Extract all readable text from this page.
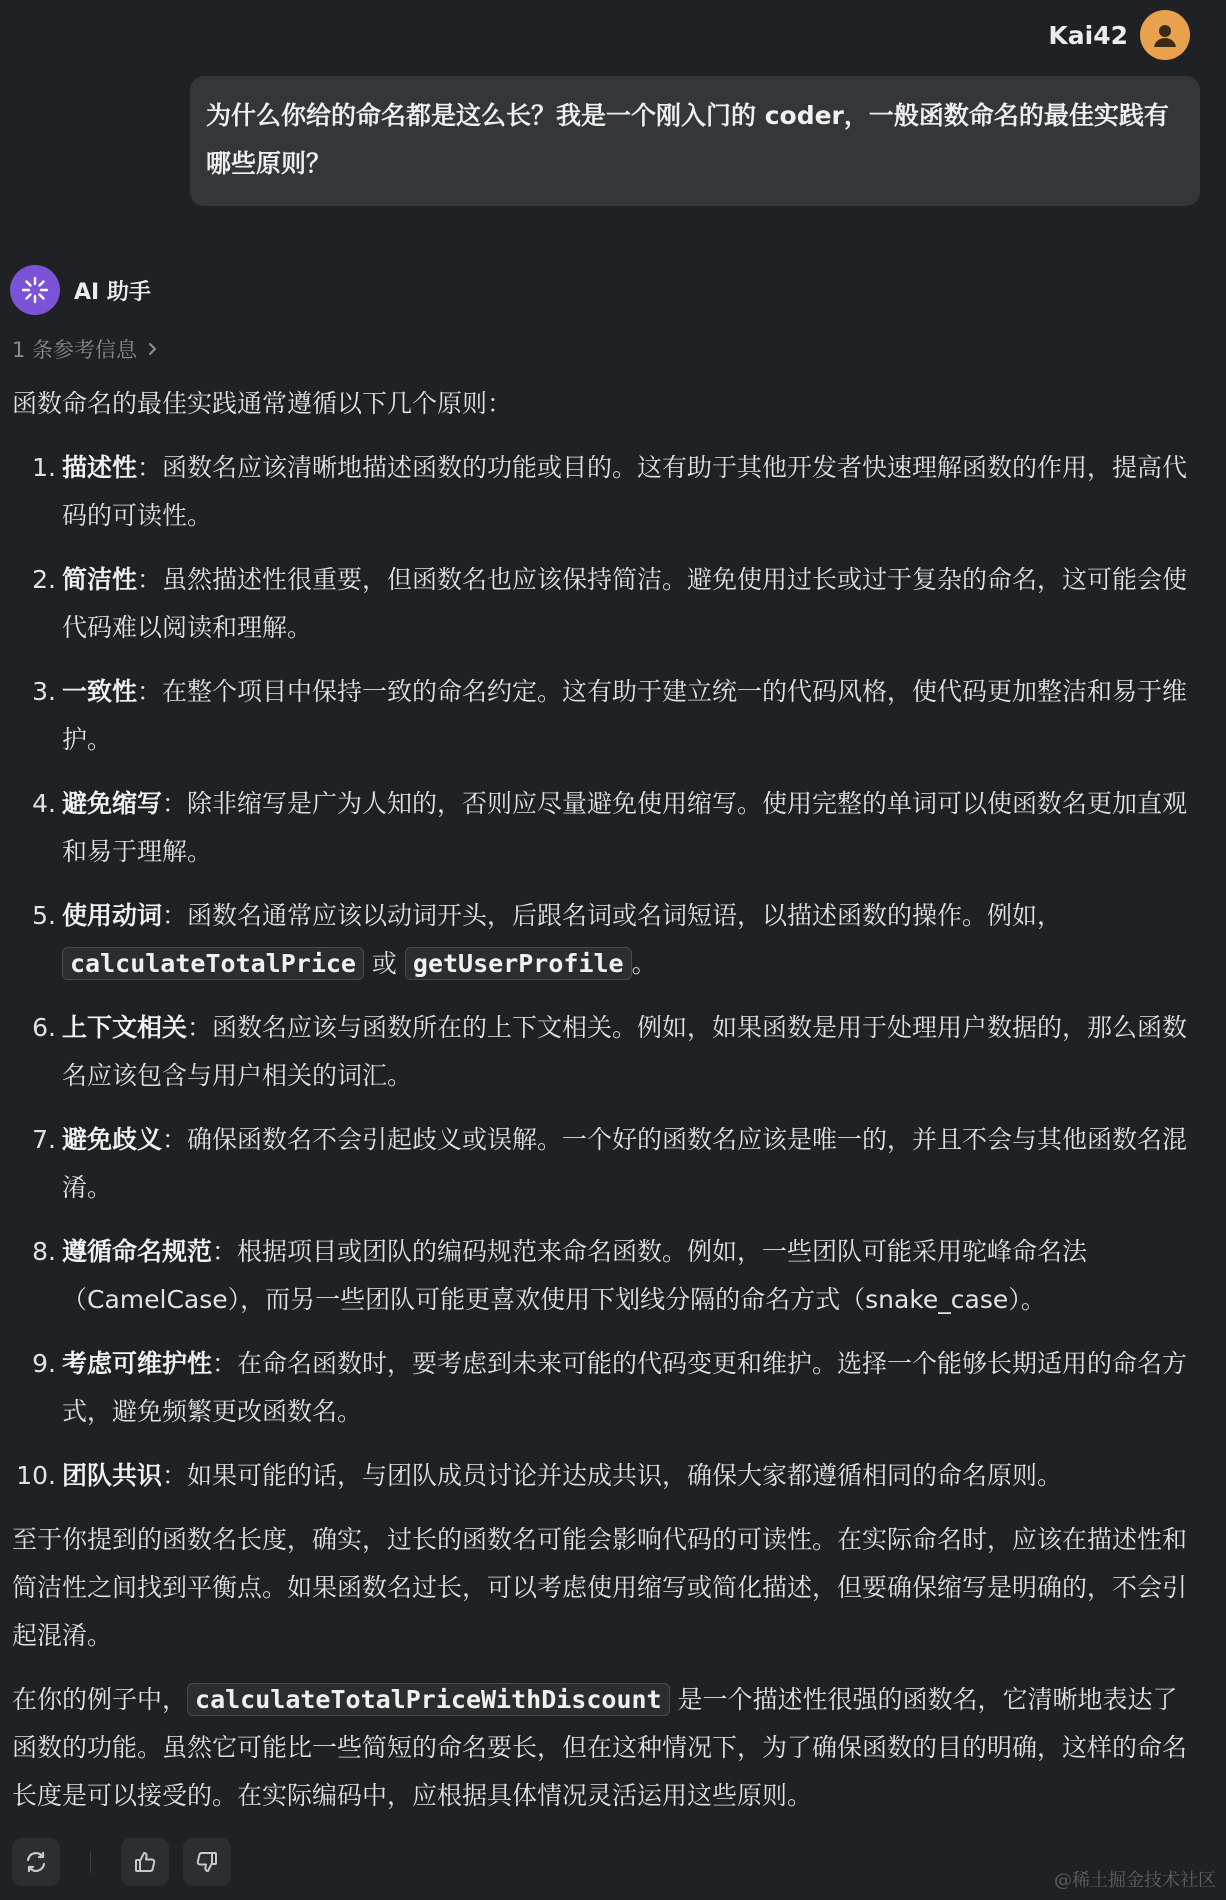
Kai42
为什么你给的命名都是这么长？我是一个刚入门的 coder，一般函数命名的最佳实践有哪些原则？
AI 助手
1 条参考信息

函数命名的最佳实践通常遵循以下几个原则：

1. 描述性：函数名应该清晰地描述函数的功能或目的。这有助于其他开发者快速理解函数的作用，提高代码的可读性。
2. 简洁性：虽然描述性很重要，但函数名也应该保持简洁。避免使用过长或过于复杂的命名，这可能会使代码难以阅读和理解。
3. 一致性：在整个项目中保持一致的命名约定。这有助于建立统一的代码风格，使代码更加整洁和易于维护。
4. 避免缩写：除非缩写是广为人知的，否则应尽量避免使用缩写。使用完整的单词可以使函数名更加直观和易于理解。
5. 使用动词：函数名通常应该以动词开头，后跟名词或名词短语，以描述函数的操作。例如，calculateTotalPrice 或 getUserProfile 。
6. 上下文相关：函数名应该与函数所在的上下文相关。例如，如果函数是用于处理用户数据的，那么函数名应该包含与用户相关的词汇。
7. 避免歧义：确保函数名不会引起歧义或误解。一个好的函数名应该是唯一的，并且不会与其他函数名混淆。
8. 遵循命名规范：根据项目或团队的编码规范来命名函数。例如，一些团队可能采用驼峰命名法（CamelCase），而另一些团队可能更喜欢使用下划线分隔的命名方式（snake_case）。
9. 考虑可维护性：在命名函数时，要考虑到未来可能的代码变更和维护。选择一个能够长期适用的命名方式，避免频繁更改函数名。
10. 团队共识：如果可能的话，与团队成员讨论并达成共识，确保大家都遵循相同的命名原则。

至于你提到的函数名长度，确实，过长的函数名可能会影响代码的可读性。在实际命名时，应该在描述性和简洁性之间找到平衡点。如果函数名过长，可以考虑使用缩写或简化描述，但要确保缩写是明确的，不会引起混淆。

在你的例子中， calculateTotalPriceWithDiscount 是一个描述性很强的函数名，它清晰地表达了函数的功能。虽然它可能比一些简短的命名要长，但在这种情况下，为了确保函数的目的明确，这样的命名长度是可以接受的。在实际编码中，应根据具体情况灵活运用这些原则。

@稀土掘金技术社区
